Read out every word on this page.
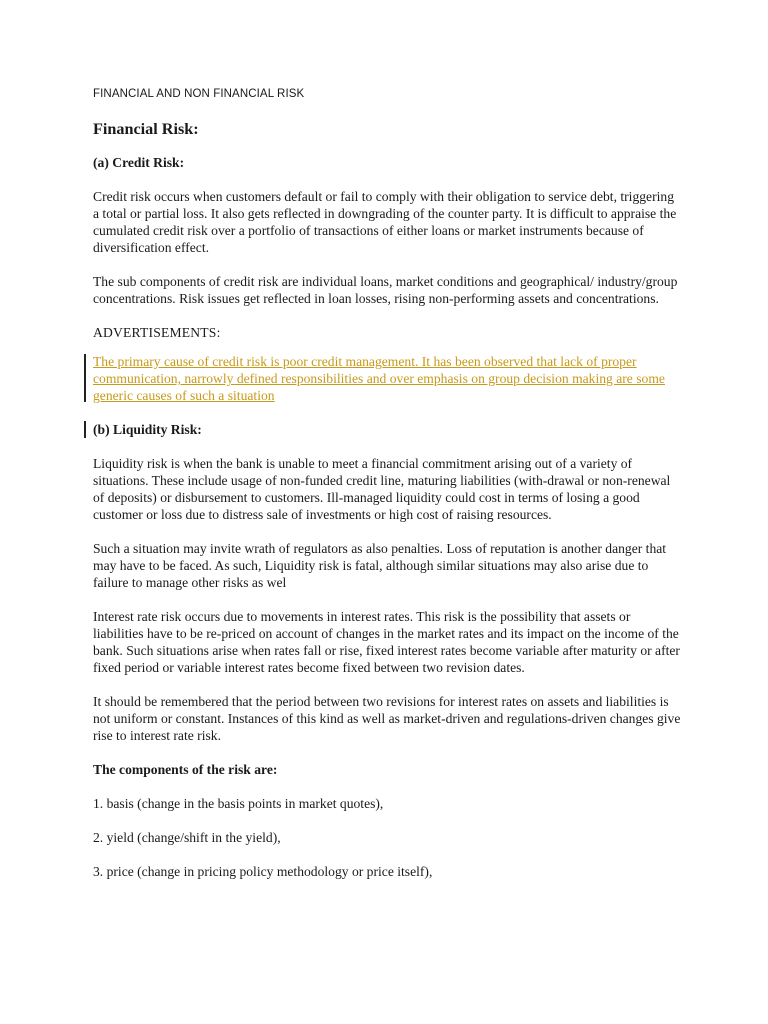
FINANCIAL AND NON FINANCIAL RISK
Financial Risk:
(a) Credit Risk:

Credit risk occurs when customers default or fail to comply with their obligation to service debt, triggering a total or partial loss. It also gets reflected in downgrading of the counter party. It is difficult to appraise the cumulated credit risk over a portfolio of transactions of either loans or market instruments because of diversification effect.

The sub components of credit risk are individual loans, market conditions and geographical/ industry/group concentrations. Risk issues get reflected in loan losses, rising non-performing assets and concentrations.

ADVERTISEMENTS:
The primary cause of credit risk is poor credit management. It has been observed that lack of proper communication, narrowly defined responsibilities and over emphasis on group decision making are some generic causes of such a situation
(b) Liquidity Risk:

Liquidity risk is when the bank is unable to meet a financial commitment arising out of a variety of situations. These include usage of non-funded credit line, maturing liabilities (with-drawal or non-renewal of deposits) or disbursement to customers. Ill-managed liquidity could cost in terms of losing a good customer or loss due to distress sale of investments or high cost of raising resources.

Such a situation may invite wrath of regulators as also penalties. Loss of reputation is another danger that may have to be faced. As such, Liquidity risk is fatal, although similar situations may also arise due to failure to manage other risks as wel

Interest rate risk occurs due to movements in interest rates. This risk is the possibility that assets or liabilities have to be re-priced on account of changes in the market rates and its impact on the income of the bank. Such situations arise when rates fall or rise, fixed interest rates become variable after maturity or after fixed period or variable interest rates become fixed between two revision dates.

It should be remembered that the period between two revisions for interest rates on assets and liabilities is not uniform or constant. Instances of this kind as well as market-driven and regulations-driven changes give rise to interest rate risk.

The components of the risk are:

1. basis (change in the basis points in market quotes),
2. yield (change/shift in the yield),
3. price (change in pricing policy methodology or price itself),
